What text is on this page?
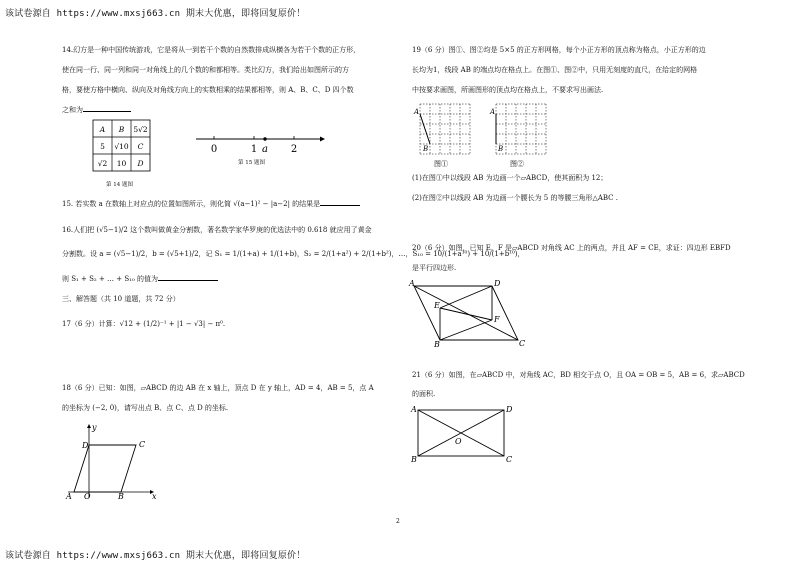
该试卷源自 https://www.mxsj663.cn 期末大优惠，即将回复原价！

14.幻方是一种中国传统游戏，它是将从一到若干个数的自然数排成纵横各为若干个数的正方形，

使在同一行、同一列和同一对角线上的几个数的和都相等。类比幻方，我们给出如图所示的方

格，要使方格中横向、纵向及对角线方向上的实数相乘的结果都相等，则 A、B、C、D 四个数

之和为

A B 5√2
5 √10 C
√2 10 D

第 14 题图

0	1 a 2

第 15 题图

15. 若实数 a 在数轴上对应点的位置如图所示，则化简 √(a−1)² − |a−2| 的结果是

16.人们把 (√5−1)/2 这个数叫做黄金分割数，著名数学家华罗庚的优选法中的 0.618 就应用了黄金

分割数。设 a = (√5−1)/2，b = (√5+1)/2，记 S₁ = 1/(1+a) + 1/(1+b)，S₂ = 2/(1+a²) + 2/(1+b²)，…，S₁₀ = 10/(1+a¹⁰) + 10/(1+b¹⁰)，

则 S₁ + S₂ + … + S₁₀ 的值为

三、解答题（共 10 道题，共 72 分）

17（6 分）计算：√12 + (1/2)⁻¹ + |1 − √3| − π⁰.

18（6 分）已知：如图，▱ABCD 的边 AB 在 x 轴上，顶点 D 在 y 轴上，AD = 4，AB = 5，点 A

的坐标为 (−2, 0)，请写出点 B、点 C、点 D 的坐标.

y
D	C
A O	B	x

19（6 分）图①、图②均是 5×5 的正方形网格，每个小正方形的顶点称为格点，小正方形的边

长均为1，线段 AB 的端点均在格点上。在图①、图②中，只用无刻度的直尺，在给定的网格

中按要求画图，所画图形的顶点均在格点上，不要求写出画法.

A
B
图①
A
B
图②

(1)在图①中以线段 AB 为边画一个▱ABCD，使其面积为 12；

(2)在图②中以线段 AB 为边画一个腰长为 5 的等腰三角形△ABC .

20（6 分）如图，已知 E、F 是▱ABCD 对角线 AC 上的两点，并且 AF = CE，求证：四边形 EBFD

是平行四边形.

A	D
E
F
B	C

21（6 分）如图，在▱ABCD 中，对角线 AC，BD 相交于点 O，且 OA = OB = 5，AB = 6，求▱ABCD

的面积.

A	D
O
B	C

2

该试卷源自 https://www.mxsj663.cn 期末大优惠，即将回复原价！
